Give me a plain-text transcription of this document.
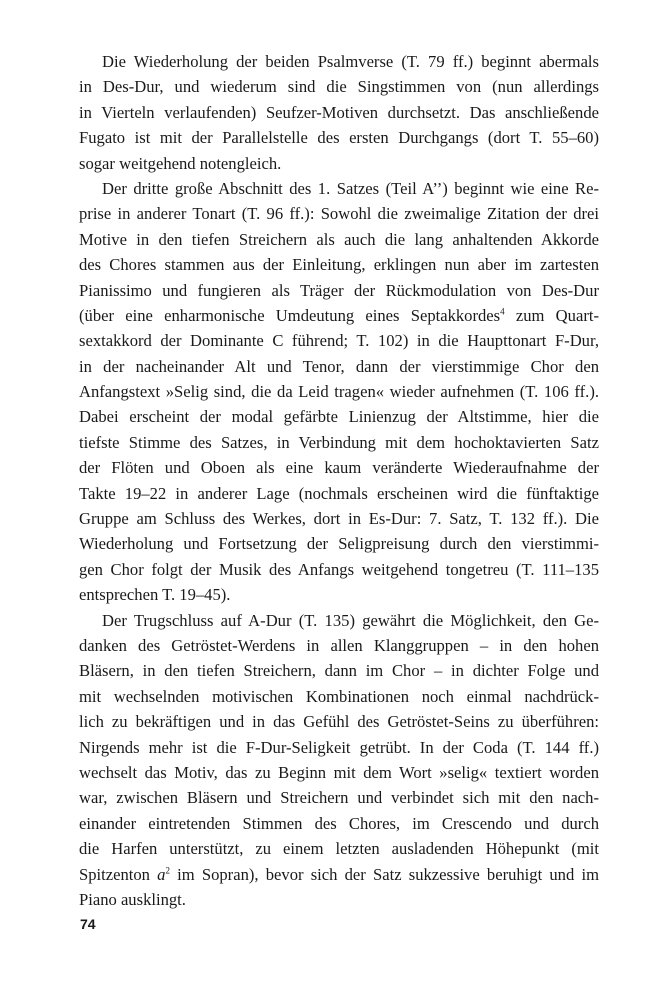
Die Wiederholung der beiden Psalmverse (T. 79 ff.) beginnt abermals
in Des-Dur, und wiederum sind die Singstimmen von (nun allerdings
in Vierteln verlaufenden) Seufzer-Motiven durchsetzt. Das anschließende
Fugato ist mit der Parallelstelle des ersten Durchgangs (dort T. 55–60)
sogar weitgehend notengleich.
Der dritte große Abschnitt des 1. Satzes (Teil A’’) beginnt wie eine Re-
prise in anderer Tonart (T. 96 ff.): Sowohl die zweimalige Zitation der drei
Motive in den tiefen Streichern als auch die lang anhaltenden Akkorde
des Chores stammen aus der Einleitung, erklingen nun aber im zartesten
Pianissimo und fungieren als Träger der Rückmodulation von Des-Dur
(über eine enharmonische Umdeutung eines Septakkordes$^4$ zum Quart-
sextakkord der Dominante C führend; T. 102) in die Haupttonart F-Dur,
in der nacheinander Alt und Tenor, dann der vierstimmige Chor den
Anfangstext »Selig sind, die da Leid tragen« wieder aufnehmen (T. 106 ff.).
Dabei erscheint der modal gefärbte Linienzug der Altstimme, hier die
tiefste Stimme des Satzes, in Verbindung mit dem hochoktavierten Satz
der Flöten und Oboen als eine kaum veränderte Wiederaufnahme der
Takte 19–22 in anderer Lage (nochmals erscheinen wird die fünftaktige
Gruppe am Schluss des Werkes, dort in Es-Dur: 7. Satz, T. 132 ff.). Die
Wiederholung und Fortsetzung der Seligpreisung durch den vierstimmi-
gen Chor folgt der Musik des Anfangs weitgehend tongetreu (T. 111–135
entsprechen T. 19–45).
Der Trugschluss auf A-Dur (T. 135) gewährt die Möglichkeit, den Ge-
danken des Getröstet-Werdens in allen Klanggruppen – in den hohen
Bläsern, in den tiefen Streichern, dann im Chor – in dichter Folge und
mit wechselnden motivischen Kombinationen noch einmal nachdrück-
lich zu bekräftigen und in das Gefühl des Getröstet-Seins zu überführen:
Nirgends mehr ist die F-Dur-Seligkeit getrübt. In der Coda (T. 144 ff.)
wechselt das Motiv, das zu Beginn mit dem Wort »selig« textiert worden
war, zwischen Bläsern und Streichern und verbindet sich mit den nach-
einander eintretenden Stimmen des Chores, im Crescendo und durch
die Harfen unterstützt, zu einem letzten ausladenden Höhepunkt (mit
Spitzenton $a^2$ im Sopran), bevor sich der Satz sukzessive beruhigt und im
Piano ausklingt.
74
